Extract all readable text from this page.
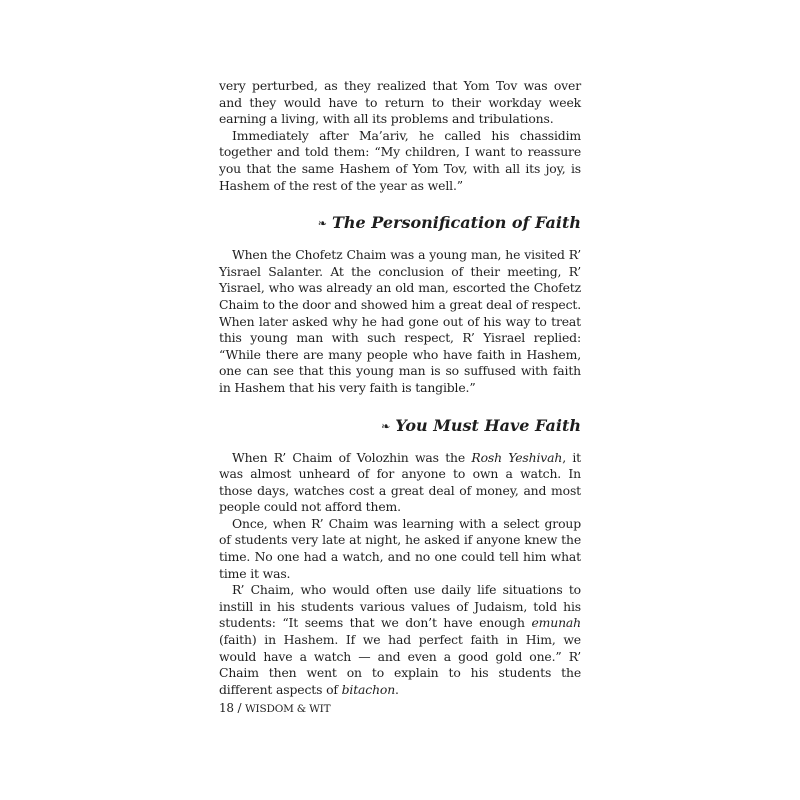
very perturbed, as they realized that Yom Tov was over and they would have to return to their workday week earning a living, with all its problems and tribulations.

Immediately after Ma’ariv, he called his chassidim together and told them: “My children, I want to reassure you that the same Hashem of Yom Tov, with all its joy, is Hashem of the rest of the year as well.”

❧ The Personification of Faith

When the Chofetz Chaim was a young man, he visited R’ Yisrael Salanter. At the conclusion of their meeting, R’ Yisrael, who was already an old man, escorted the Chofetz Chaim to the door and showed him a great deal of respect. When later asked why he had gone out of his way to treat this young man with such respect, R’ Yisrael replied: “While there are many people who have faith in Hashem, one can see that this young man is so suffused with faith in Hashem that his very faith is tangible.”

❧ You Must Have Faith

When R’ Chaim of Volozhin was the Rosh Yeshivah, it was almost unheard of for anyone to own a watch. In those days, watches cost a great deal of money, and most people could not afford them.

Once, when R’ Chaim was learning with a select group of students very late at night, he asked if anyone knew the time. No one had a watch, and no one could tell him what time it was.

R’ Chaim, who would often use daily life situations to instill in his students various values of Judaism, told his students: “It seems that we don’t have enough emunah (faith) in Hashem. If we had perfect faith in Him, we would have a watch — and even a good gold one.” R’ Chaim then went on to explain to his students the different aspects of bitachon.

18 / WISDOM & WIT
